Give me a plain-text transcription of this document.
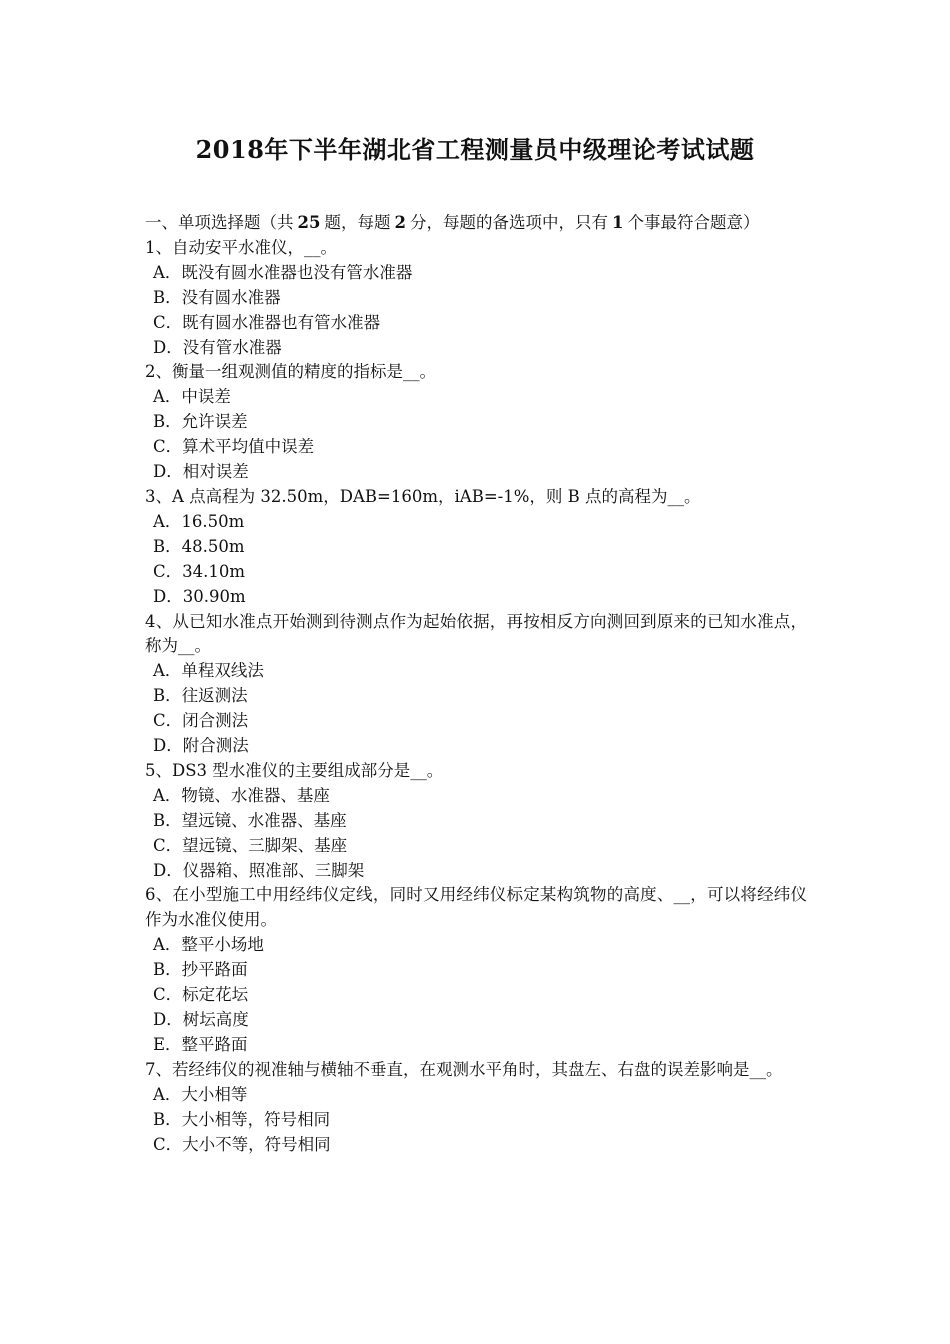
2018年下半年湖北省工程测量员中级理论考试试题
一、单项选择题（共 25 题，每题 2 分，每题的备选项中，只有 1 个事最符合题意）
1、自动安平水准仪，__。
A．既没有圆水准器也没有管水准器
B．没有圆水准器
C．既有圆水准器也有管水准器
D．没有管水准器
2、衡量一组观测值的精度的指标是__。
A．中误差
B．允许误差
C．算术平均值中误差
D．相对误差
3、A 点高程为 32.50m，DAB=160m，iAB=-1%，则 B 点的高程为__。
A．16.50m
B．48.50m
C．34.10m
D．30.90m
4、从已知水准点开始测到待测点作为起始依据，再按相反方向测回到原来的已知水准点，称为__。
A．单程双线法
B．往返测法
C．闭合测法
D．附合测法
5、DS3 型水准仪的主要组成部分是__。
A．物镜、水准器、基座
B．望远镜、水准器、基座
C．望远镜、三脚架、基座
D．仪器箱、照准部、三脚架
6、在小型施工中用经纬仪定线，同时又用经纬仪标定某构筑物的高度、__，可以将经纬仪作为水准仪使用。
A．整平小场地
B．抄平路面
C．标定花坛
D．树坛高度
E．整平路面
7、若经纬仪的视准轴与横轴不垂直，在观测水平角时，其盘左、右盘的误差影响是__。
A．大小相等
B．大小相等，符号相同
C．大小不等，符号相同
